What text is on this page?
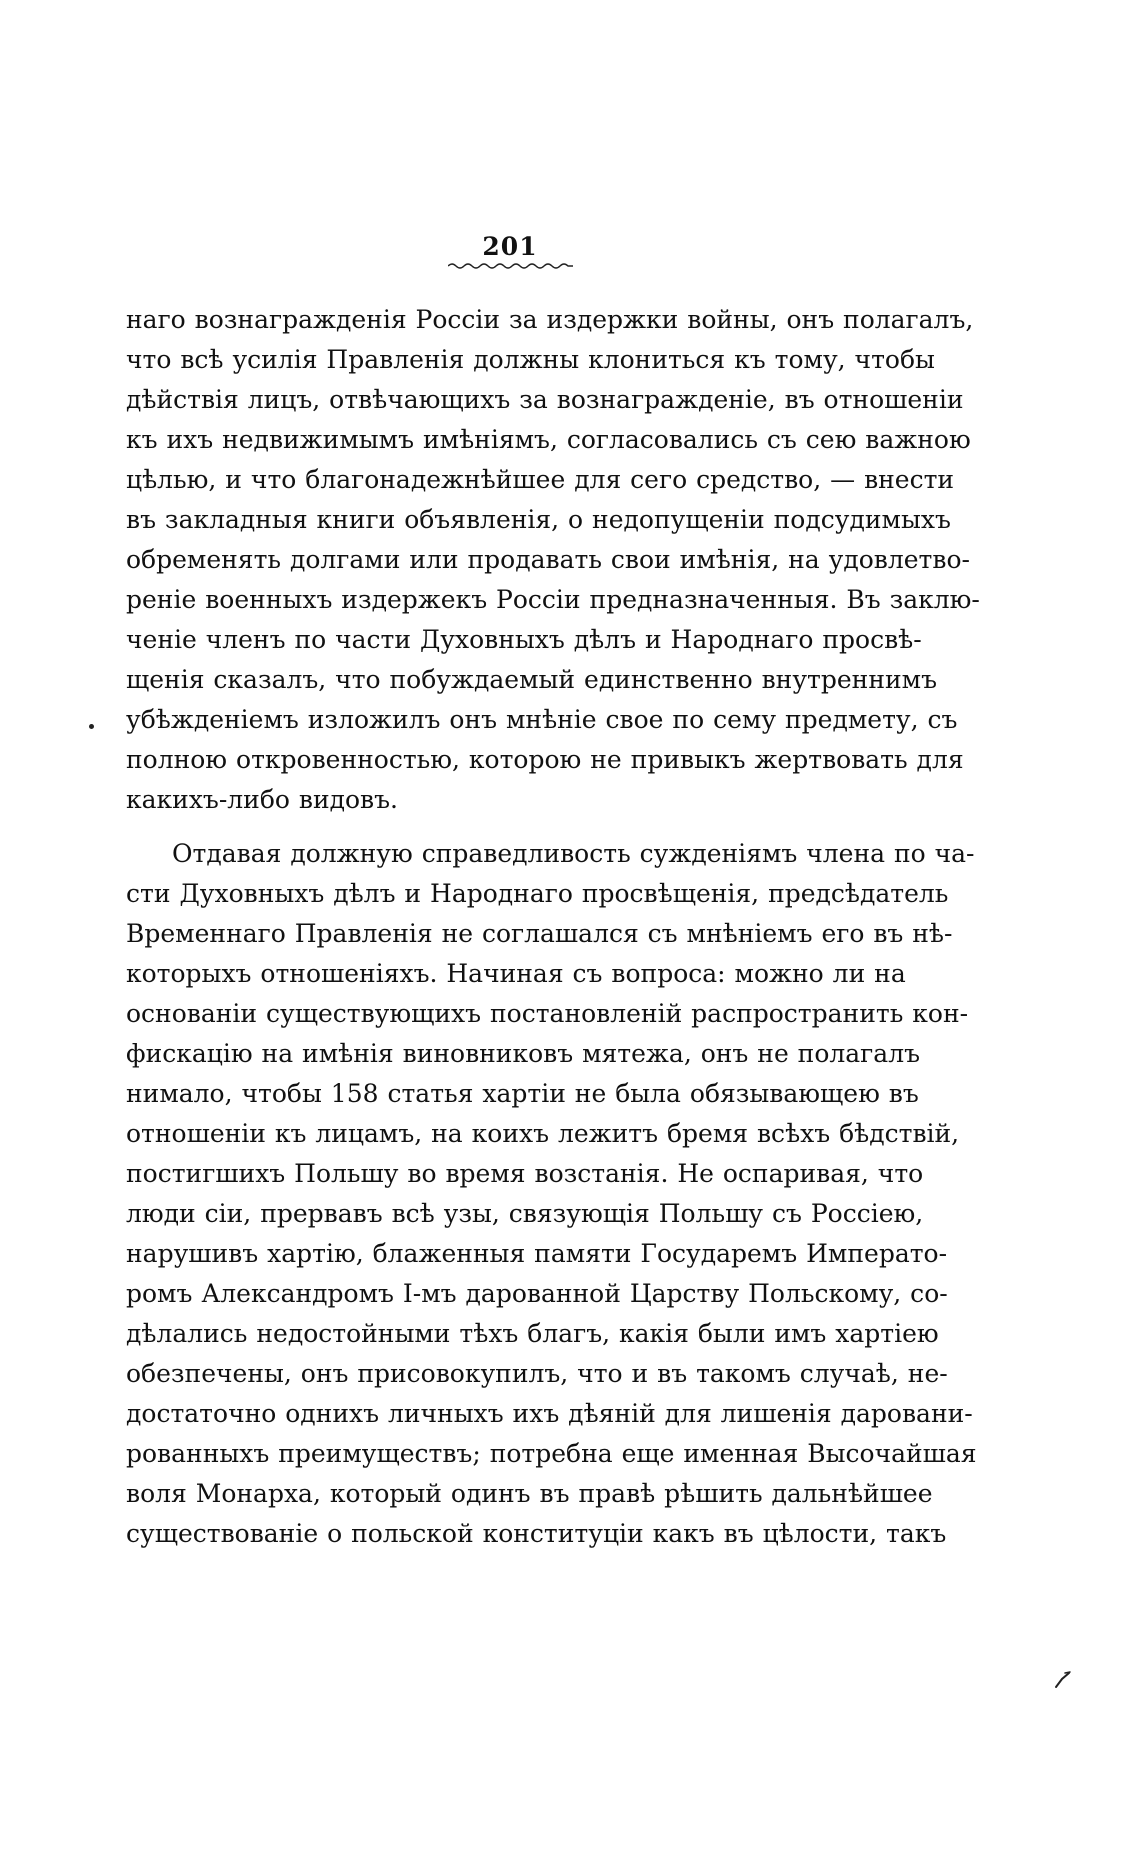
201
наго вознагражденія Россіи за издержки войны, онъ полагалъ,
что всѣ усилія Правленія должны клониться къ тому, чтобы
дѣйствія лицъ, отвѣчающихъ за вознагражденіе, въ отношеніи
къ ихъ недвижимымъ имѣніямъ, согласовались съ сею важною
цѣлью, и что благонадежнѣйшее для сего средство, — внести
въ закладныя книги объявленія, о недопущеніи подсудимыхъ
обременять долгами или продавать свои имѣнія, на удовлетво-
реніе военныхъ издержекъ Россіи предназначенныя. Въ заклю-
ченіе членъ по части Духовныхъ дѣлъ и Народнаго просвѣ-
щенія сказалъ, что побуждаемый единственно внутреннимъ
убѣжденіемъ изложилъ онъ мнѣніе свое по сему предмету, съ
полною откровенностью, которою не привыкъ жертвовать для
какихъ-либо видовъ.
Отдавая должную справедливость сужденіямъ члена по ча-
сти Духовныхъ дѣлъ и Народнаго просвѣщенія, предсѣдатель
Временнаго Правленія не соглашался съ мнѣніемъ его въ нѣ-
которыхъ отношеніяхъ. Начиная съ вопроса: можно ли на
основаніи существующихъ постановленій распространить кон-
фискацію на имѣнія виновниковъ мятежа, онъ не полагалъ
нимало, чтобы 158 статья хартіи не была обязывающею въ
отношеніи къ лицамъ, на коихъ лежитъ бремя всѣхъ бѣдствій,
постигшихъ Польшу во время возстанія. Не оспаривая, что
люди сіи, прервавъ всѣ узы, связующія Польшу съ Россіею,
нарушивъ хартію, блаженныя памяти Государемъ Императо-
ромъ Александромъ I-мъ дарованной Царству Польскому, со-
дѣлались недостойными тѣхъ благъ, какія были имъ хартіею
обезпечены, онъ присовокупилъ, что и въ такомъ случаѣ, не-
достаточно однихъ личныхъ ихъ дѣяній для лишенія даровани-
рованныхъ преимуществъ; потребна еще именная Высочайшая
воля Монарха, который одинъ въ правѣ рѣшить дальнѣйшее
существованіе о польской конституціи какъ въ цѣлости, такъ
